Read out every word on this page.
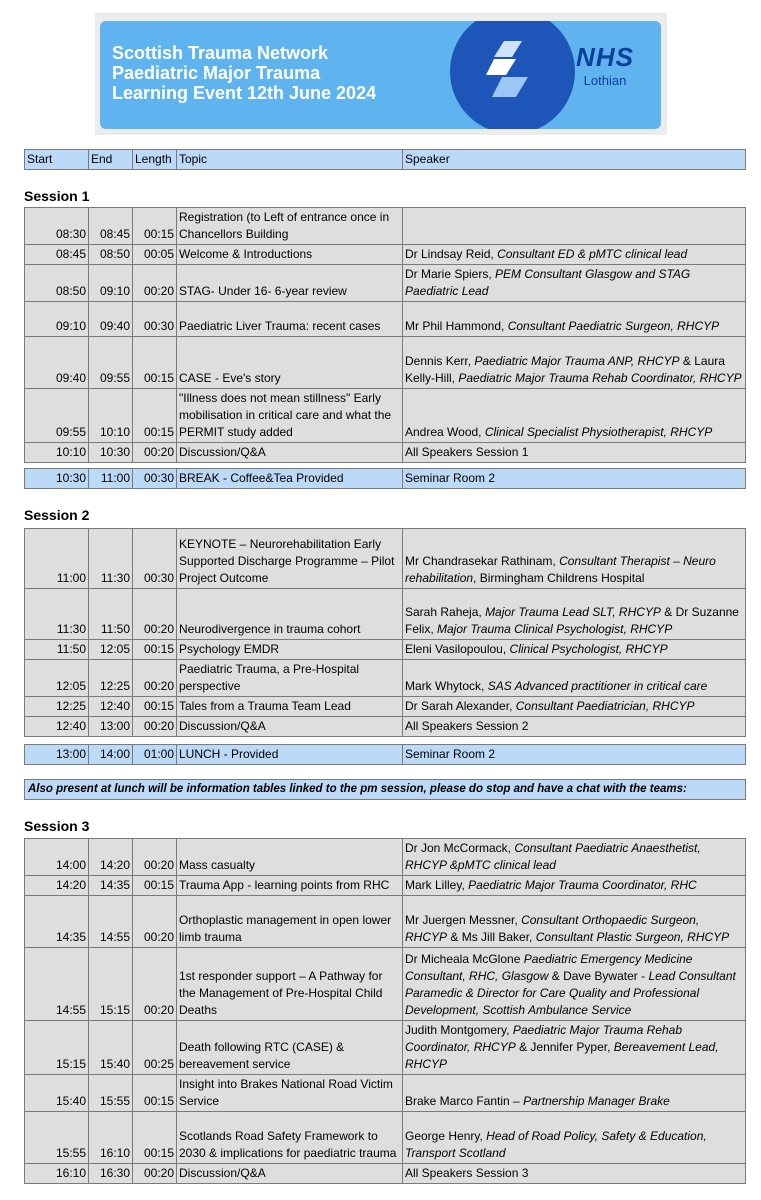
Scottish Trauma Network
Paediatric Major Trauma
Learning Event 12th June 2024
NHS
Lothian
Start	End	Length	Topic	Speaker
Session 1
08:30	08:45	00:15	Registration (to Left of entrance once in Chancellors Building	
08:45	08:50	00:05	Welcome & Introductions	Dr Lindsay Reid, Consultant ED & pMTC clinical lead
08:50	09:10	00:20	STAG- Under 16- 6-year review	Dr Marie Spiers, PEM Consultant Glasgow and STAG Paediatric Lead
09:10	09:40	00:30	Paediatric Liver Trauma: recent cases	Mr Phil Hammond, Consultant Paediatric Surgeon, RHCYP
09:40	09:55	00:15	CASE - Eve's story	Dennis Kerr, Paediatric Major Trauma ANP, RHCYP & Laura Kelly-Hill, Paediatric Major Trauma Rehab Coordinator, RHCYP
09:55	10:10	00:15	"Illness does not mean stillness" Early mobilisation in critical care and what the PERMIT study added	Andrea Wood, Clinical Specialist Physiotherapist, RHCYP
10:10	10:30	00:20	Discussion/Q&A	All Speakers Session 1
10:30	11:00	00:30	BREAK - Coffee&Tea Provided	Seminar Room 2
Session 2
11:00	11:30	00:30	KEYNOTE – Neurorehabilitation Early Supported Discharge Programme – Pilot Project Outcome	Mr Chandrasekar Rathinam, Consultant Therapist – Neuro rehabilitation, Birmingham Childrens Hospital
11:30	11:50	00:20	Neurodivergence in trauma cohort	Sarah Raheja, Major Trauma Lead SLT, RHCYP & Dr Suzanne Felix, Major Trauma Clinical Psychologist, RHCYP
11:50	12:05	00:15	Psychology EMDR	Eleni Vasilopoulou, Clinical Psychologist, RHCYP
12:05	12:25	00:20	Paediatric Trauma, a Pre-Hospital perspective	Mark Whytock, SAS Advanced practitioner in critical care
12:25	12:40	00:15	Tales from a Trauma Team Lead	Dr Sarah Alexander, Consultant Paediatrician, RHCYP
12:40	13:00	00:20	Discussion/Q&A	All Speakers Session 2
13:00	14:00	01:00	LUNCH - Provided	Seminar Room 2
Also present at lunch will be information tables linked to the pm session, please do stop and have a chat with the teams:
Session 3
14:00	14:20	00:20	Mass casualty	Dr Jon McCormack, Consultant Paediatric Anaesthetist, RHCYP &pMTC clinical lead
14:20	14:35	00:15	Trauma App - learning points from RHC	Mark Lilley, Paediatric Major Trauma Coordinator, RHC
14:35	14:55	00:20	Orthoplastic management in open lower limb trauma	Mr Juergen Messner, Consultant Orthopaedic Surgeon, RHCYP & Ms Jill Baker, Consultant Plastic Surgeon, RHCYP
14:55	15:15	00:20	1st responder support – A Pathway for the Management of Pre-Hospital Child Deaths	Dr Micheala McGlone Paediatric Emergency Medicine Consultant, RHC, Glasgow & Dave Bywater - Lead Consultant Paramedic & Director for Care Quality and Professional Development, Scottish Ambulance Service
15:15	15:40	00:25	Death following RTC (CASE) & bereavement service	Judith Montgomery, Paediatric Major Trauma Rehab Coordinator, RHCYP & Jennifer Pyper, Bereavement Lead, RHCYP
15:40	15:55	00:15	Insight into Brakes National Road Victim Service	Brake Marco Fantin – Partnership Manager Brake
15:55	16:10	00:15	Scotlands Road Safety Framework to 2030 & implications for paediatric trauma	George Henry, Head of Road Policy, Safety & Education, Transport Scotland
16:10	16:30	00:20	Discussion/Q&A	All Speakers Session 3
